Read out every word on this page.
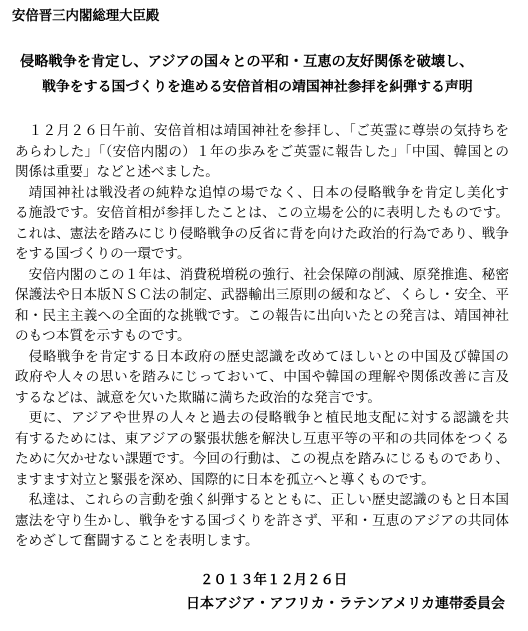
安倍晋三内閣総理大臣殿
侵略戦争を肯定し、アジアの国々との平和・互恵の友好関係を破壊し、
戦争をする国づくりを進める安倍首相の靖国神社参拝を糾弾する声明
１２月２６日午前、安倍首相は靖国神社を参拝し、「ご英霊に尊崇の気持ちを
あらわした」「（安倍内閣の）１年の歩みをご英霊に報告した」「中国、韓国との
関係は重要」などと述べました。
靖国神社は戦没者の純粋な追悼の場でなく、日本の侵略戦争を肯定し美化す
る施設です。安倍首相が参拝したことは、この立場を公的に表明したものです。
これは、憲法を踏みにじり侵略戦争の反省に背を向けた政治的行為であり、戦争
をする国づくりの一環です。
安倍内閣のこの１年は、消費税増税の強行、社会保障の削減、原発推進、秘密
保護法や日本版ＮＳＣ法の制定、武器輸出三原則の緩和など、くらし・安全、平
和・民主主義への全面的な挑戦です。この報告に出向いたとの発言は、靖国神社
のもつ本質を示すものです。
侵略戦争を肯定する日本政府の歴史認識を改めてほしいとの中国及び韓国の
政府や人々の思いを踏みにじっておいて、中国や韓国の理解や関係改善に言及
するなどは、誠意を欠いた欺瞞に満ちた政治的な発言です。
更に、アジアや世界の人々と過去の侵略戦争と植民地支配に対する認識を共
有するためには、東アジアの緊張状態を解決し互恵平等の平和の共同体をつくる
ために欠かせない課題です。今回の行動は、この視点を踏みにじるものであり、
ますます対立と緊張を深め、国際的に日本を孤立へと導くものです。
私達は、これらの言動を強く糾弾するとともに、正しい歴史認識のもと日本国
憲法を守り生かし、戦争をする国づくりを許さず、平和・互恵のアジアの共同体
をめざして奮闘することを表明します。
２０１３年１２月２６日
日本アジア・アフリカ・ラテンアメリカ連帯委員会
